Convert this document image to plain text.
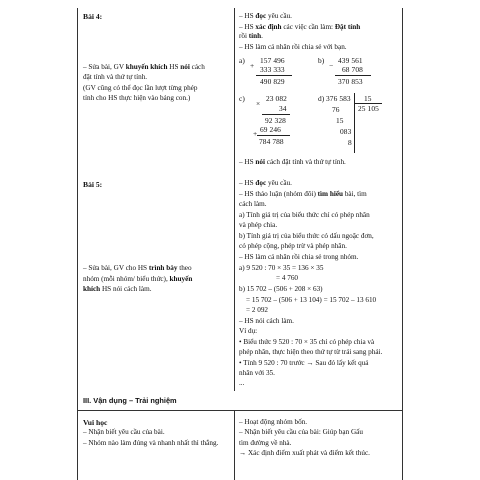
Bài 4:
– Sửa bài, GV khuyến khích HS nói cách
đặt tính và thứ tự tính.
(GV cũng có thể đọc lần lượt từng phép
tính cho HS thực hiện vào bảng con.)
– HS đọc yêu cầu.
– HS xác định các việc cần làm: Đặt tính
rồi tính.
– HS làm cá nhân rồi chia sẻ với bạn.
a)
+
157 496
333 333
490 829
b)
−
439 561
68 708
370 853
c)
×
23 082
34
92 328
69 246
+
784 788
d) 376 583 15
25 105
76
15
083
8
– HS nói cách đặt tính và thứ tự tính.
Bài 5:
– Sửa bài, GV cho HS trình bày theo
nhóm (mỗi nhóm/ biểu thức), khuyến
khích HS nói cách làm.
– HS đọc yêu cầu.
– HS thảo luận (nhóm đôi) tìm hiểu bài, tìm
cách làm.
a) Tính giá trị của biểu thức chỉ có phép nhân
và phép chia.
b) Tính giá trị của biểu thức có dấu ngoặc đơn,
có phép cộng, phép trừ và phép nhân.
– HS làm cá nhân rồi chia sẻ trong nhóm.
a) 9 520 : 70 × 35 = 136 × 35
= 4 760
b) 15 702 – (506 + 208 × 63)
= 15 702 – (506 + 13 104) = 15 702 – 13 610
= 2 092
– HS nói cách làm.
Ví dụ:
• Biểu thức 9 520 : 70 × 35 chỉ có phép chia và
phép nhân, thực hiện theo thứ tự từ trái sang phải.
• Tính 9 520 : 70 trước → Sau đó lấy kết quả
nhân với 35.
...
III. Vận dụng – Trải nghiệm
Vui học
– Nhận biết yêu cầu của bài.
– Nhóm nào làm đúng và nhanh nhất thì thắng.
– Hoạt động nhóm bốn.
– Nhận biết yêu cầu của bài: Giúp bạn Gấu
tìm đường về nhà.
→ Xác định điểm xuất phát và điểm kết thúc.
